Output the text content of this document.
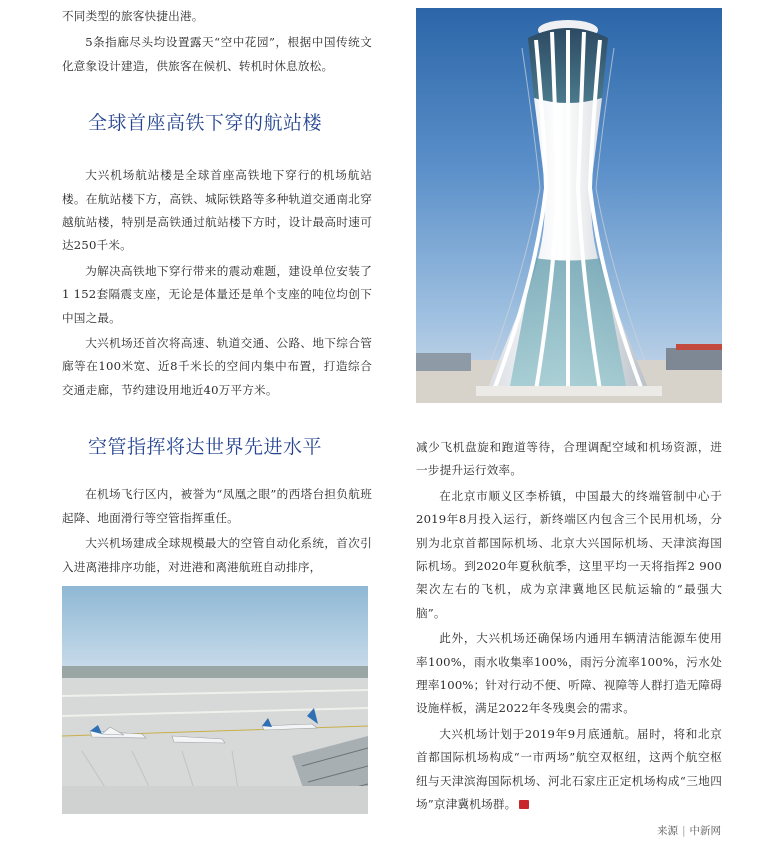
不同类型的旅客快捷出港。

5条指廊尽头均设置露天“空中花园”，根据中国传统文化意象设计建造，供旅客在候机、转机时休息放松。

全球首座高铁下穿的航站楼

大兴机场航站楼是全球首座高铁地下穿行的机场航站楼。在航站楼下方，高铁、城际铁路等多种轨道交通南北穿越航站楼，特别是高铁通过航站楼下方时，设计最高时速可达250千米。

为解决高铁地下穿行带来的震动难题，建设单位安装了1 152套隔震支座，无论是体量还是单个支座的吨位均创下中国之最。

大兴机场还首次将高速、轨道交通、公路、地下综合管廊等在100米宽、近8千米长的空间内集中布置，打造综合交通走廊，节约建设用地近40万平方米。

空管指挥将达世界先进水平

在机场飞行区内，被誉为“凤凰之眼”的西塔台担负航班起降、地面滑行等空管指挥重任。

大兴机场建成全球规模最大的空管自动化系统，首次引入进离港排序功能，对进港和离港航班自动排序，

减少飞机盘旋和跑道等待，合理调配空域和机场资源，进一步提升运行效率。

在北京市顺义区李桥镇，中国最大的终端管制中心于2019年8月投入运行，新终端区内包含三个民用机场，分别为北京首都国际机场、北京大兴国际机场、天津滨海国际机场。到2020年夏秋航季，这里平均一天将指挥2 900架次左右的飞机，成为京津冀地区民航运输的“最强大脑”。

此外，大兴机场还确保场内通用车辆清洁能源车使用率100%，雨水收集率100%，雨污分流率100%，污水处理率100%；针对行动不便、听障、视障等人群打造无障碍设施样板，满足2022年冬残奥会的需求。

大兴机场计划于2019年9月底通航。届时，将和北京首都国际机场构成“一市两场”航空双枢纽，这两个航空枢纽与天津滨海国际机场、河北石家庄正定机场构成“三地四场”京津冀机场群。

来源 | 中新网
